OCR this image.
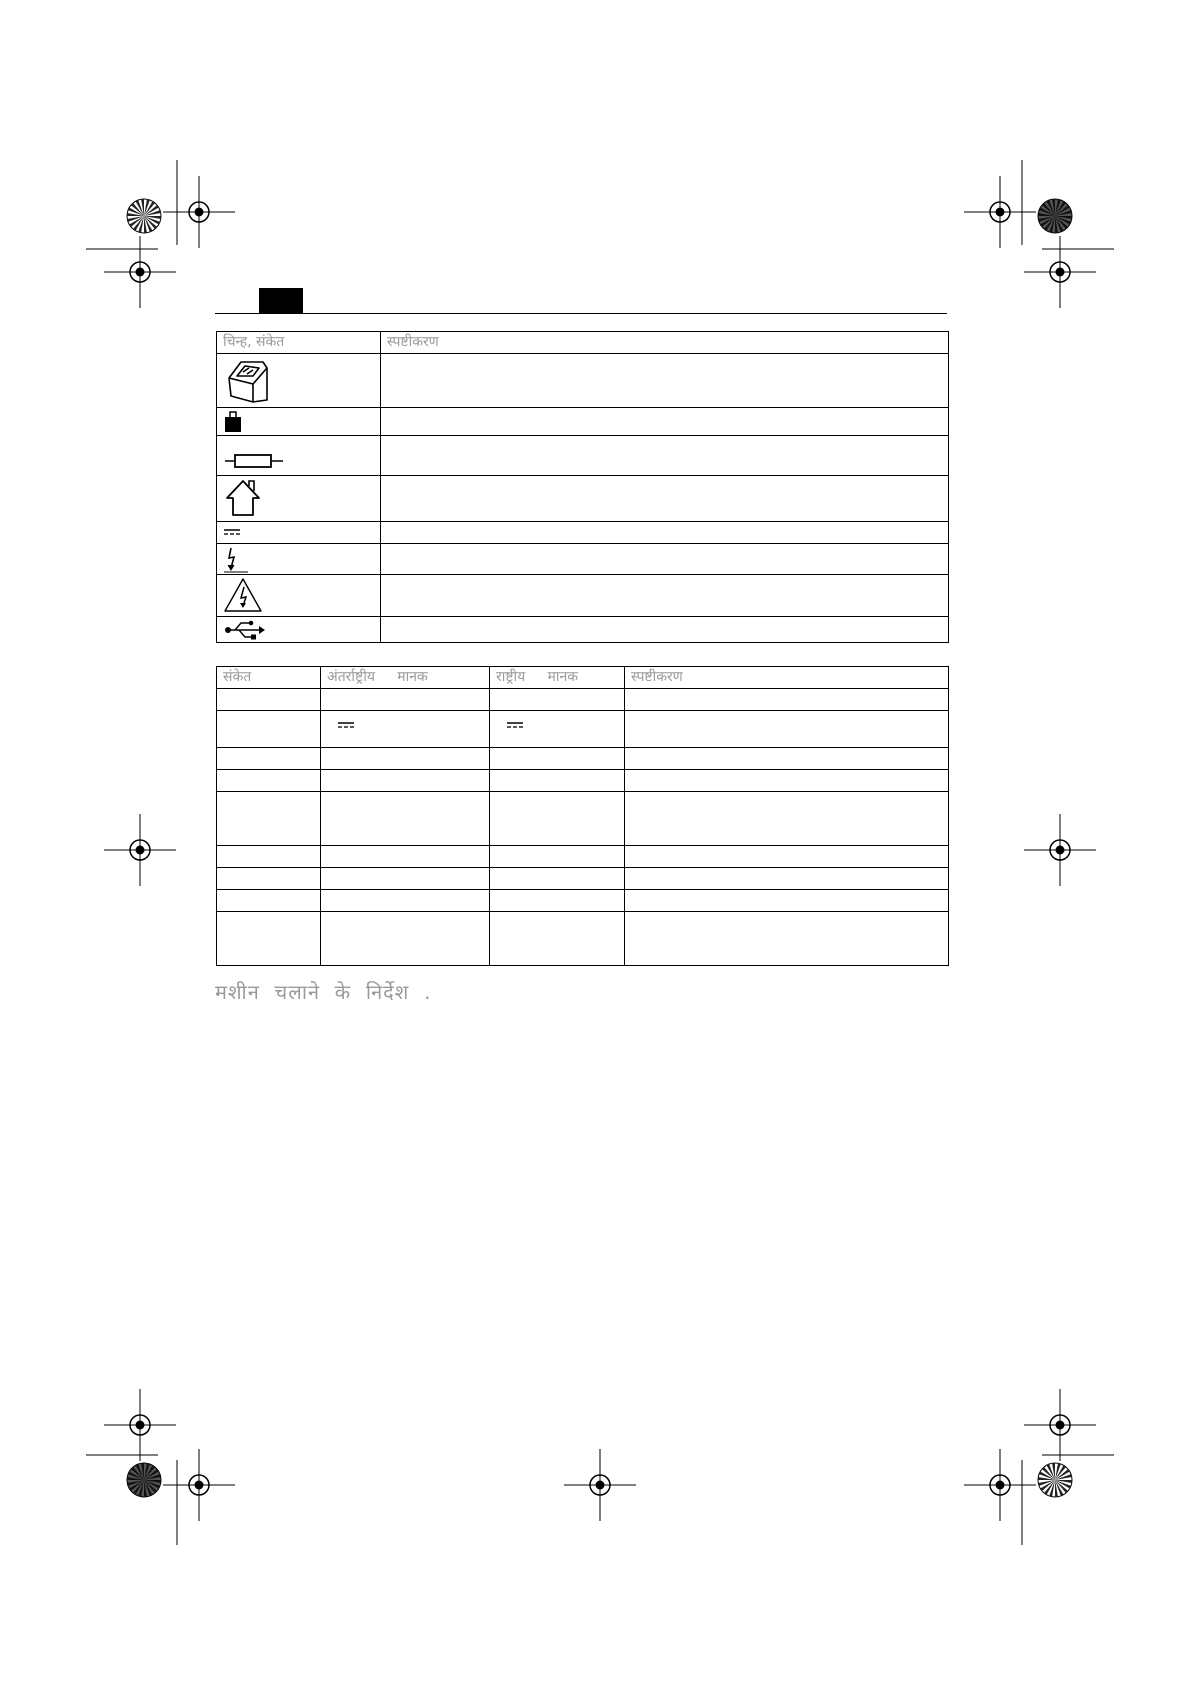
चिन्ह, संकेत	स्पष्टीकरण

संकेत	अंतर्राष्ट्रीय     मानक	राष्ट्रीय     मानक	स्पष्टीकरण

मशीन  चलाने  के  निर्देश  .
